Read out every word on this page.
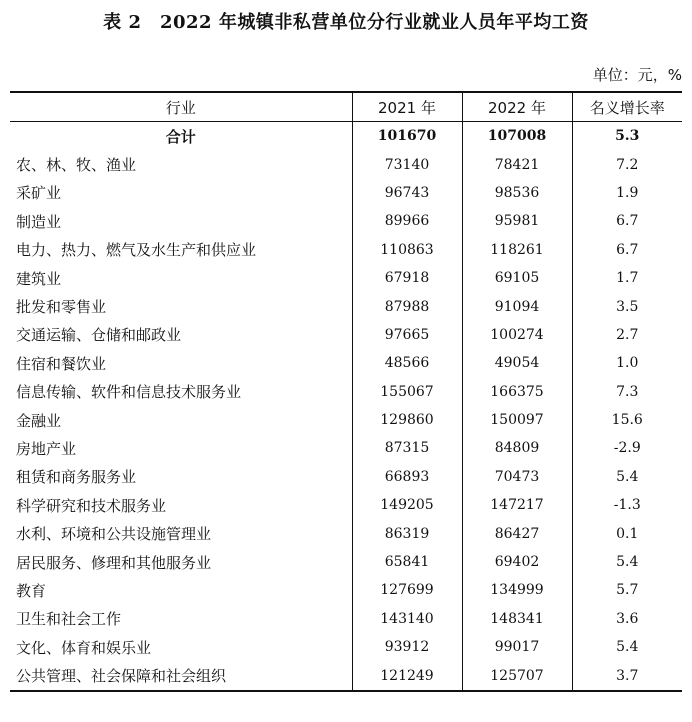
表 2　2022 年城镇非私营单位分行业就业人员年平均工资
单位：元，%
行业	2021 年	2022 年	名义增长率
合计	101670	107008	5.3
农、林、牧、渔业	73140	78421	7.2
采矿业	96743	98536	1.9
制造业	89966	95981	6.7
电力、热力、燃气及水生产和供应业	110863	118261	6.7
建筑业	67918	69105	1.7
批发和零售业	87988	91094	3.5
交通运输、仓储和邮政业	97665	100274	2.7
住宿和餐饮业	48566	49054	1.0
信息传输、软件和信息技术服务业	155067	166375	7.3
金融业	129860	150097	15.6
房地产业	87315	84809	-2.9
租赁和商务服务业	66893	70473	5.4
科学研究和技术服务业	149205	147217	-1.3
水利、环境和公共设施管理业	86319	86427	0.1
居民服务、修理和其他服务业	65841	69402	5.4
教育	127699	134999	5.7
卫生和社会工作	143140	148341	3.6
文化、体育和娱乐业	93912	99017	5.4
公共管理、社会保障和社会组织	121249	125707	3.7
